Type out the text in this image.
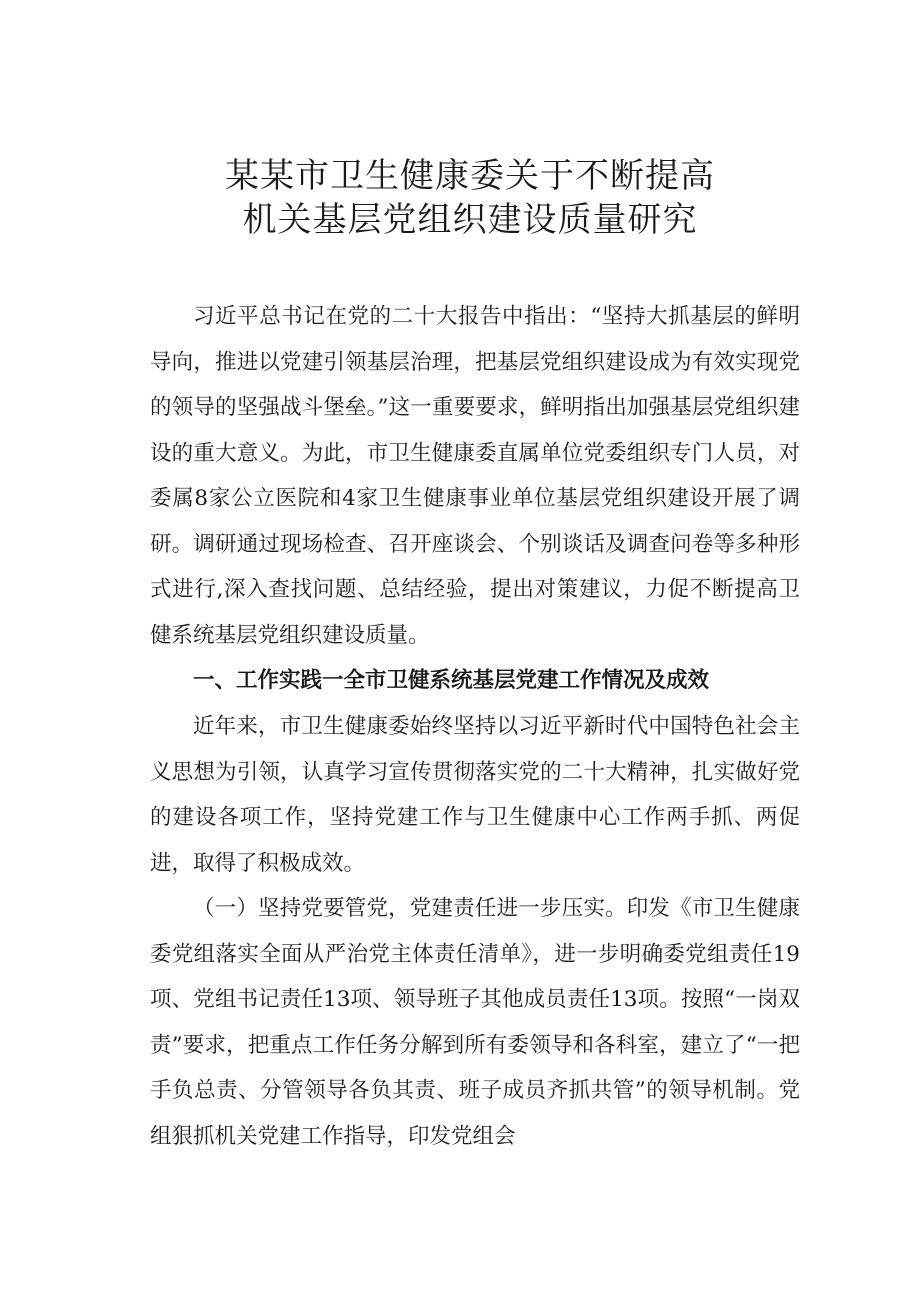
某某市卫生健康委关于不断提高
机关基层党组织建设质量研究

习近平总书记在党的二十大报告中指出：“坚持大抓基层的鲜明导向，推进以党建引领基层治理，把基层党组织建设成为有效实现党的领导的坚强战斗堡垒。”这一重要要求，鲜明指出加强基层党组织建设的重大意义。为此，市卫生健康委直属单位党委组织专门人员，对委属8家公立医院和4家卫生健康事业单位基层党组织建设开展了调研。调研通过现场检查、召开座谈会、个别谈话及调查问卷等多种形式进行,深入查找问题、总结经验，提出对策建议，力促不断提高卫健系统基层党组织建设质量。

一、工作实践一全市卫健系统基层党建工作情况及成效

近年来，市卫生健康委始终坚持以习近平新时代中国特色社会主义思想为引领，认真学习宣传贯彻落实党的二十大精神，扎实做好党的建设各项工作，坚持党建工作与卫生健康中心工作两手抓、两促进，取得了积极成效。

（一）坚持党要管党，党建责任进一步压实。印发《市卫生健康委党组落实全面从严治党主体责任清单》，进一步明确委党组责任19项、党组书记责任13项、领导班子其他成员责任13项。按照“一岗双责”要求，把重点工作任务分解到所有委领导和各科室，建立了“一把手负总责、分管领导各负其责、班子成员齐抓共管”的领导机制。党组狠抓机关党建工作指导，印发党组会
